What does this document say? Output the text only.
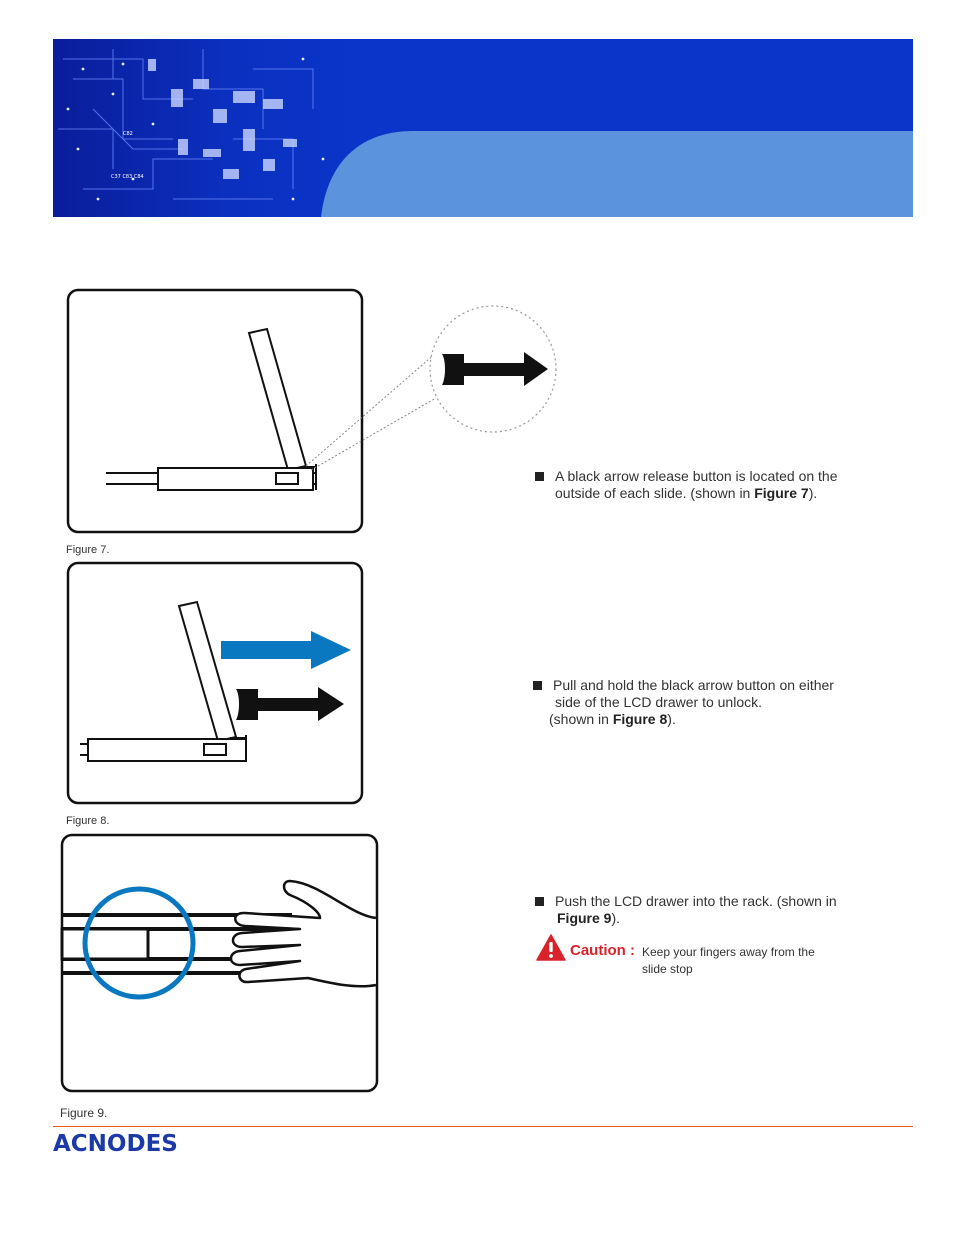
C37 C83 C84
C82
Figure 7.
A black arrow release button is located on the
outside of each slide. (shown in Figure 7).
Figure 8.
Pull and hold the black arrow button on either
side of the LCD drawer to unlock.
(shown in Figure 8).
Figure 9.
Push the LCD drawer into the rack. (shown in
Figure 9).
Caution : Keep your fingers away from the
slide stop
ACNODES
